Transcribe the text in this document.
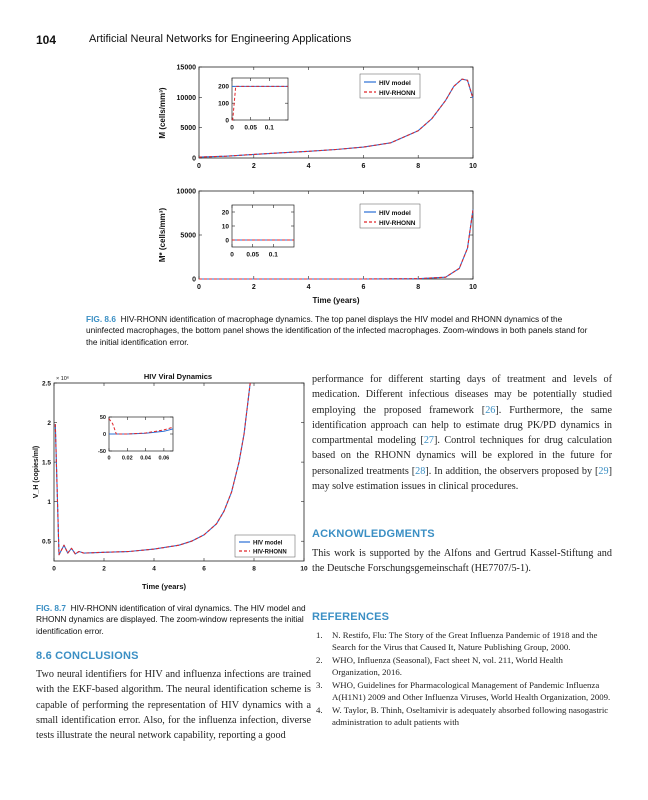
104	Artificial Neural Networks for Engineering Applications
0	2	4	6	8	10
0
5000
10000
15000
M (cells/mm³)	0 0.05 0.1
0
100
200
HIV model
HIV-RHONN
0	2	4	6	8	10
0
5000
10000
M* (cells/mm³)	0 0.05 0.1
0
10
20	HIV model
HIV-RHONN
Time (years)
FIG. 8.6 HIV-RHONN identification of macrophage dynamics. The top panel displays the HIV model and RHONN dynamics of the uninfected macrophages, the bottom panel shows the identification of the infected macrophages. Zoom-windows in both panels stand for the initial identification error.
0	2	4	6	8	10
0.5
1
1.5
2
2.5
HIV Viral Dynamics
× 10⁶
V_H (copies/ml)	0 0.02 0.04 0.06
-50
0
50
HIV model
HIV-RHONN
Time (years)
FIG. 8.7 HIV-RHONN identification of viral dynamics. The HIV model and RHONN dynamics are displayed. The zoom-window represents the initial identification error.
8.6 CONCLUSIONS
Two neural identifiers for HIV and influenza infections are trained with the EKF-based algorithm. The neural identification scheme is capable of performing the representation of HIV dynamics with a small identification error. Also, for the influenza infection, diverse tests illustrate the neural network capability, reporting a good
performance for different starting days of treatment and levels of medication. Different infectious diseases may be potentially studied employing the proposed framework [26]. Furthermore, the same identification approach can help to estimate drug PK/PD dynamics in compartmental modeling [27]. Control techniques for drug calculation based on the RHONN dynamics will be explored in the future for personalized treatments [28]. In addition, the observers proposed by [29] may solve estimation issues in clinical procedures.
ACKNOWLEDGMENTS
This work is supported by the Alfons and Gertrud Kassel-Stiftung and the Deutsche Forschungsgemeinschaft (HE7707/5-1).
REFERENCES
1. N. Restifo, Flu: The Story of the Great Influenza Pandemic of 1918 and the Search for the Virus that Caused It, Nature Publishing Group, 2000.
2. WHO, Influenza (Seasonal), Fact sheet N, vol. 211, World Health Organization, 2016.
3. WHO, Guidelines for Pharmacological Management of Pandemic Influenza A(H1N1) 2009 and Other Influenza Viruses, World Health Organization, 2009.
4. W. Taylor, B. Thinh, Oseltamivir is adequately absorbed following nasogastric administration to adult patients with
